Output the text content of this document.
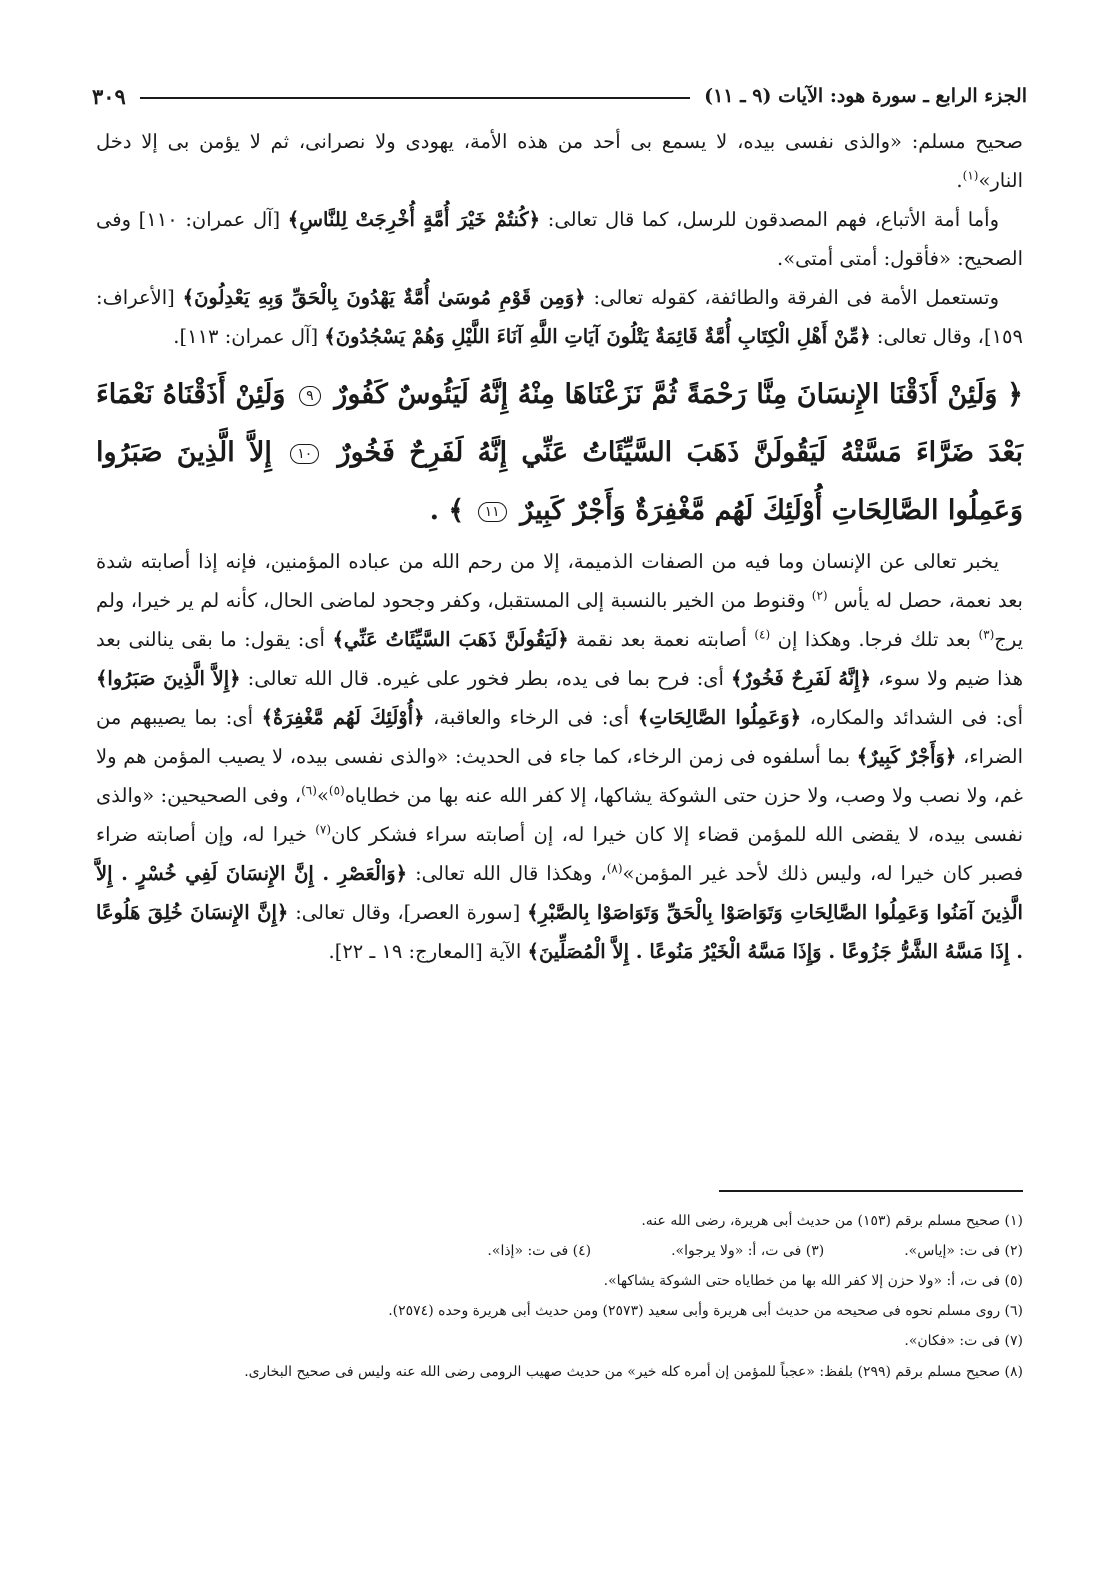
الجزء الرابع ـ سورة هود: الآيات (٩ ـ ١١)
٣٠٩

صحيح مسلم: «والذى نفسى بيده، لا يسمع بى أحد من هذه الأمة، يهودى ولا نصرانى، ثم لا يؤمن بى إلا دخل النار»$^{(١)}$.

وأما أمة الأتباع، فهم المصدقون للرسل، كما قال تعالى: ﴿كُنتُمْ خَيْرَ أُمَّةٍ أُخْرِجَتْ لِلنَّاسِ﴾ [آل عمران: ١١٠] وفى الصحيح: «فأقول: أمتى أمتى».

وتستعمل الأمة فى الفرقة والطائفة، كقوله تعالى: ﴿وَمِن قَوْمِ مُوسَىٰ أُمَّةٌ يَهْدُونَ بِالْحَقِّ وَبِهِ يَعْدِلُونَ﴾ [الأعراف: ١٥٩]، وقال تعالى: ﴿مِّنْ أَهْلِ الْكِتَابِ أُمَّةٌ قَائِمَةٌ يَتْلُونَ آيَاتِ اللَّهِ آنَاءَ اللَّيْلِ وَهُمْ يَسْجُدُونَ﴾ [آل عمران: ١١٣].

﴿ وَلَئِنْ أَذَقْنَا الإِنسَانَ مِنَّا رَحْمَةً ثُمَّ نَزَعْنَاهَا مِنْهُ إِنَّهُ لَيَئُوسٌ كَفُورٌ ٩ وَلَئِنْ أَذَقْنَاهُ نَعْمَاءَ بَعْدَ ضَرَّاءَ مَسَّتْهُ لَيَقُولَنَّ ذَهَبَ السَّيِّئَاتُ عَنِّي إِنَّهُ لَفَرِحٌ فَخُورٌ ١٠ إِلاَّ الَّذِينَ صَبَرُوا وَعَمِلُوا الصَّالِحَاتِ أُوْلَئِكَ لَهُم مَّغْفِرَةٌ وَأَجْرٌ كَبِيرٌ ١١ ﴾ .

يخبر تعالى عن الإنسان وما فيه من الصفات الذميمة، إلا من رحم الله من عباده المؤمنين، فإنه إذا أصابته شدة بعد نعمة، حصل له يأس $^{(٢)}$ وقنوط من الخير بالنسبة إلى المستقبل، وكفر وجحود لماضى الحال، كأنه لم ير خيرا، ولم يرج$^{(٣)}$ بعد تلك فرجا. وهكذا إن $^{(٤)}$ أصابته نعمة بعد نقمة ﴿لَيَقُولَنَّ ذَهَبَ السَّيِّئَاتُ عَنِّي﴾ أى: يقول: ما بقى ينالنى بعد هذا ضيم ولا سوء، ﴿إِنَّهُ لَفَرِحٌ فَخُورٌ﴾ أى: فرح بما فى يده، بطر فخور على غيره. قال الله تعالى: ﴿إِلاَّ الَّذِينَ صَبَرُوا﴾ أى: فى الشدائد والمكاره، ﴿وَعَمِلُوا الصَّالِحَاتِ﴾ أى: فى الرخاء والعاقبة، ﴿أُوْلَئِكَ لَهُم مَّغْفِرَةٌ﴾ أى: بما يصيبهم من الضراء، ﴿وَأَجْرٌ كَبِيرٌ﴾ بما أسلفوه فى زمن الرخاء، كما جاء فى الحديث: «والذى نفسى بيده، لا يصيب المؤمن هم ولا غم، ولا نصب ولا وصب، ولا حزن حتى الشوكة يشاكها، إلا كفر الله عنه بها من خطاياه$^{(٥)}$»$^{(٦)}$، وفى الصحيحين: «والذى نفسى بيده، لا يقضى الله للمؤمن قضاء إلا كان خيرا له، إن أصابته سراء فشكر كان$^{(٧)}$ خيرا له، وإن أصابته ضراء فصبر كان خيرا له، وليس ذلك لأحد غير المؤمن»$^{(٨)}$، وهكذا قال الله تعالى: ﴿وَالْعَصْرِ . إِنَّ الإِنسَانَ لَفِي خُسْرٍ . إِلاَّ الَّذِينَ آمَنُوا وَعَمِلُوا الصَّالِحَاتِ وَتَوَاصَوْا بِالْحَقِّ وَتَوَاصَوْا بِالصَّبْرِ﴾ [سورة العصر]، وقال تعالى: ﴿إِنَّ الإِنسَانَ خُلِقَ هَلُوعًا . إِذَا مَسَّهُ الشَّرُّ جَزُوعًا . وَإِذَا مَسَّهُ الْخَيْرُ مَنُوعًا . إِلاَّ الْمُصَلِّينَ﴾ الآية [المعارج: ١٩ ـ ٢٢].

(١) صحيح مسلم برقم (١٥٣) من حديث أبى هريرة، رضى الله عنه.

(٢) فى ت: «إياس».
(٣) فى ت، أ: «ولا يرجوا».
(٤) فى ت: «إذا».

(٥) فى ت، أ: «ولا حزن إلا كفر الله بها من خطاياه حتى الشوكة يشاكها».

(٦) روى مسلم نحوه فى صحيحه من حديث أبى هريرة وأبى سعيد (٢٥٧٣) ومن حديث أبى هريرة وحده (٢٥٧٤).

(٧) فى ت: «فكان».

(٨) صحيح مسلم برقم (٢٩٩) بلفظ: «عجباً للمؤمن إن أمره كله خير» من حديث صهيب الرومى رضى الله عنه وليس فى صحيح البخارى.
